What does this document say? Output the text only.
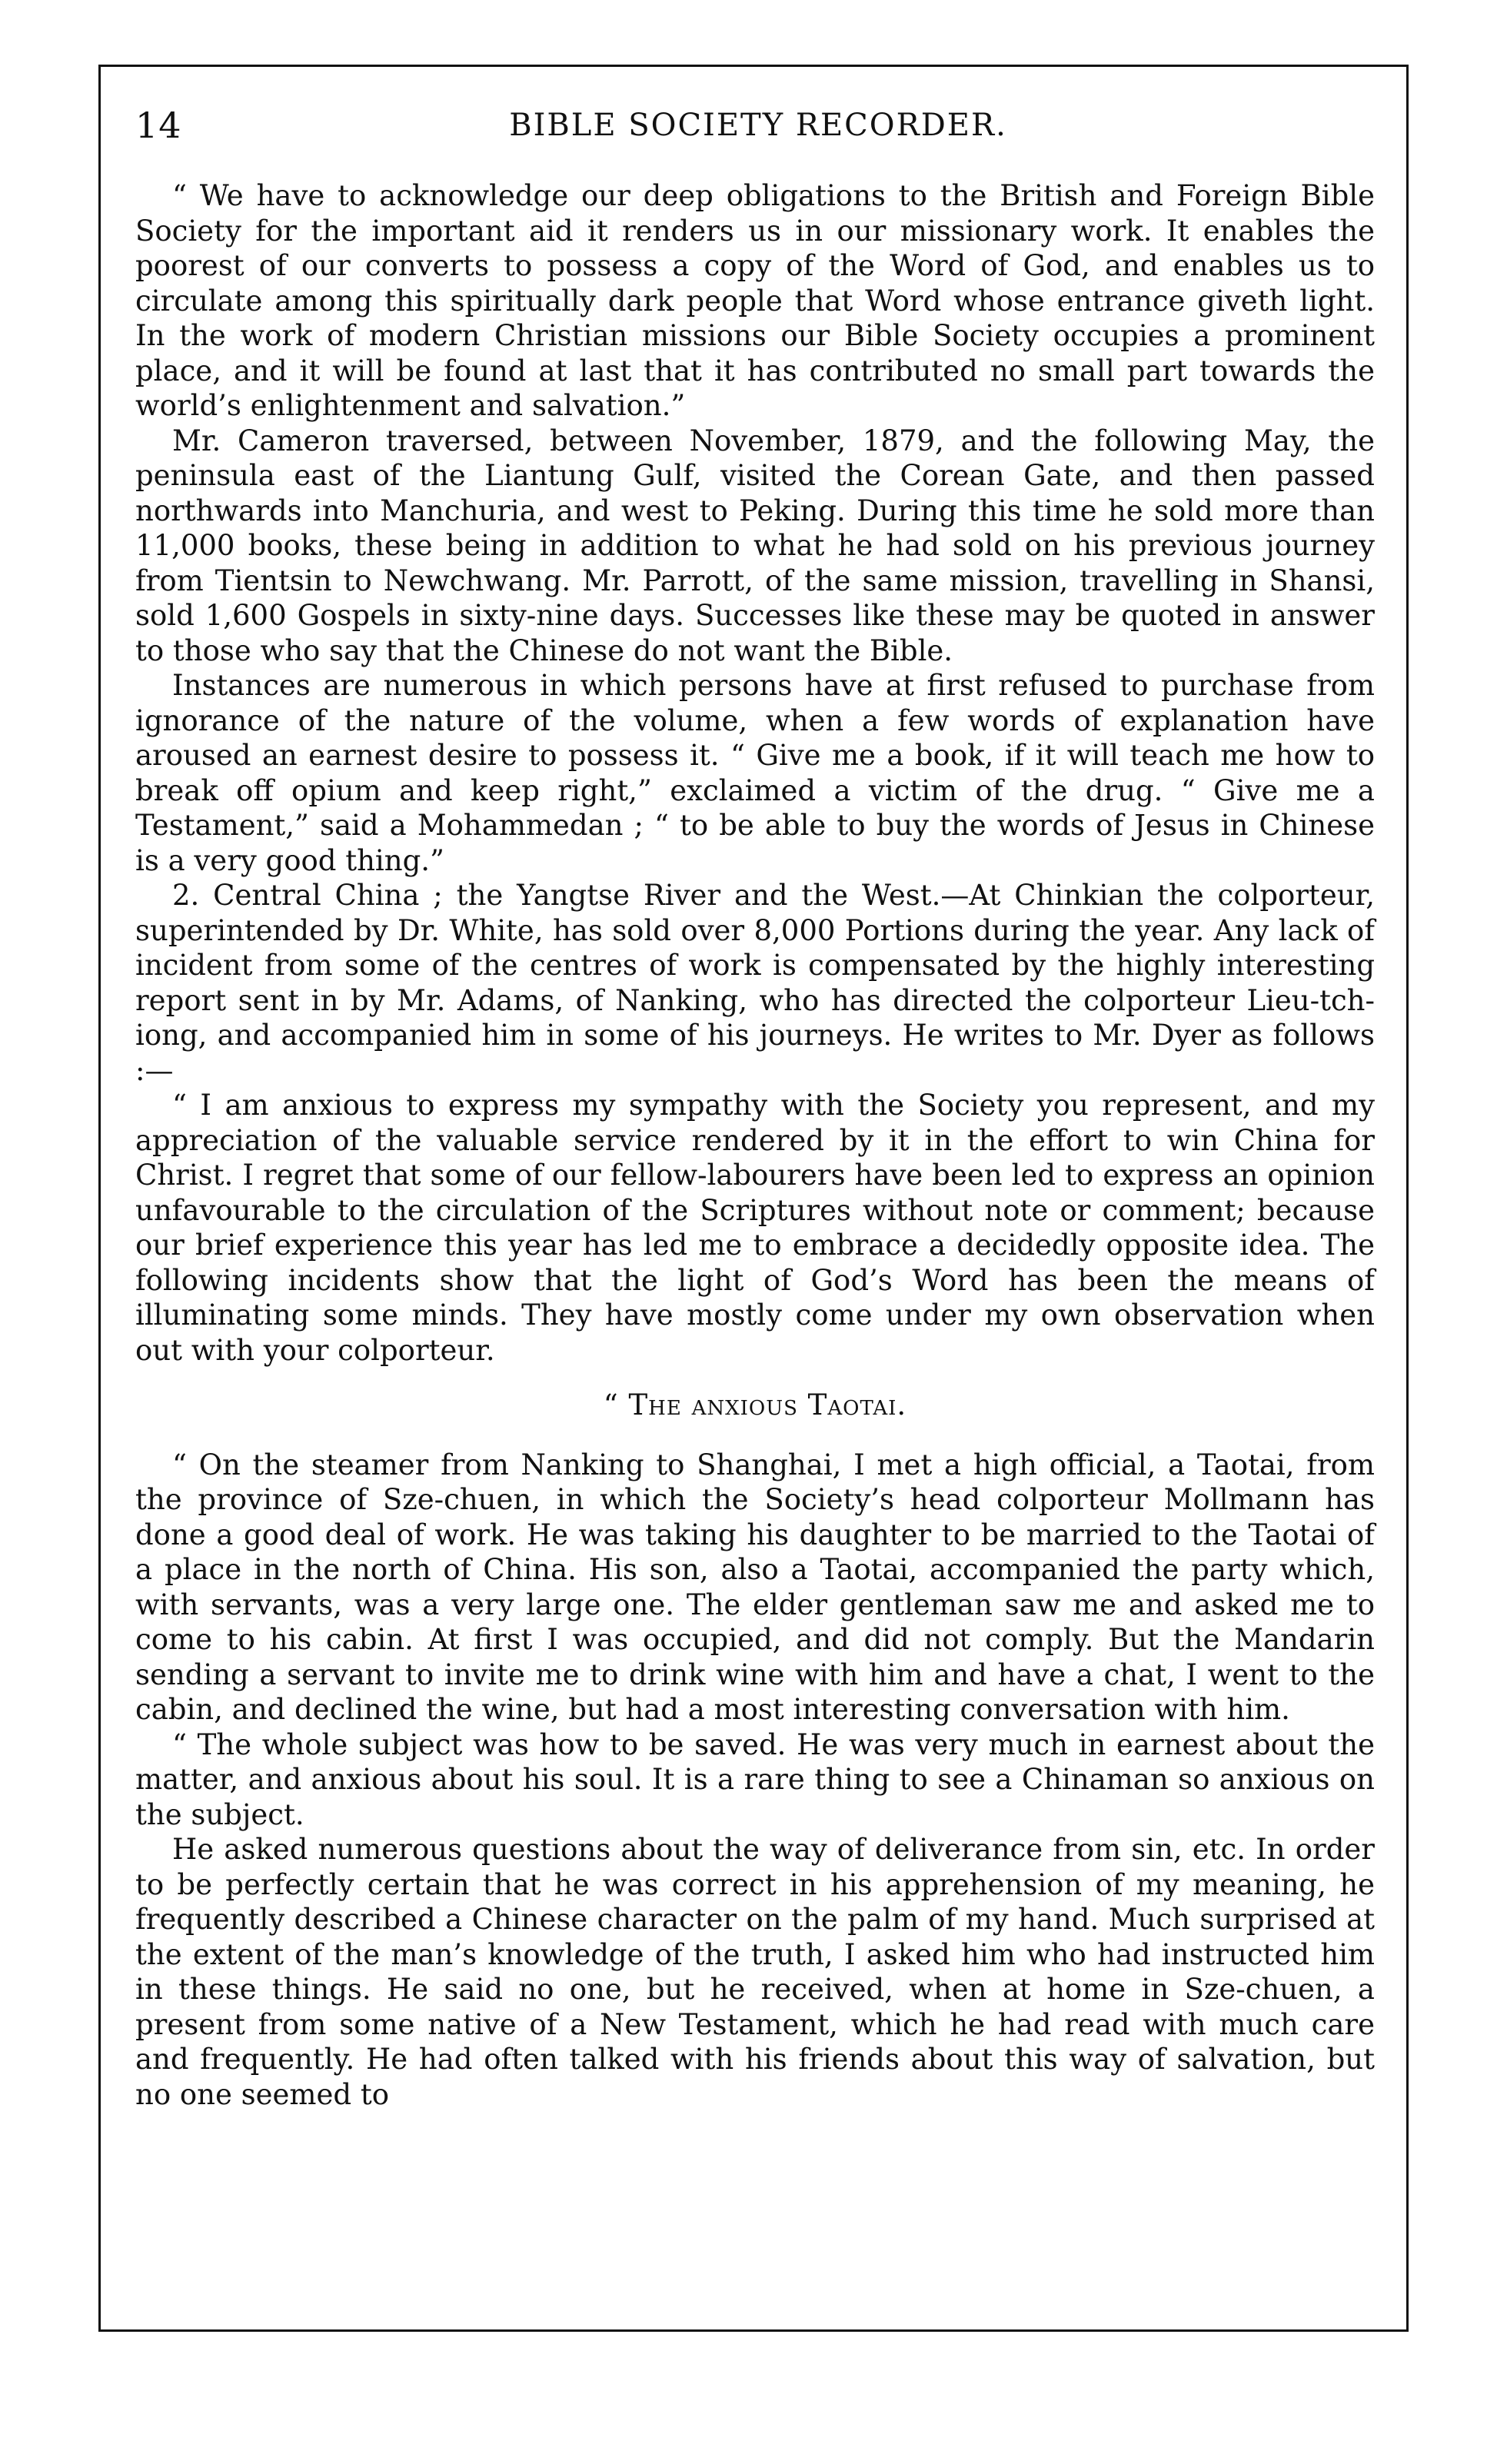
14	BIBLE SOCIETY RECORDER.

“ We have to acknowledge our deep obligations to the British and Foreign Bible Society for the important aid it renders us in our missionary work. It enables the poorest of our converts to possess a copy of the Word of God, and enables us to circulate among this spiritually dark people that Word whose entrance giveth light. In the work of modern Christian missions our Bible Society occupies a prominent place, and it will be found at last that it has contributed no small part towards the world’s enlightenment and salvation.”

Mr. Cameron traversed, between November, 1879, and the following May, the peninsula east of the Liantung Gulf, visited the Corean Gate, and then passed northwards into Manchuria, and west to Peking. During this time he sold more than 11,000 books, these being in addition to what he had sold on his previous journey from Tientsin to Newchwang. Mr. Parrott, of the same mission, travelling in Shansi, sold 1,600 Gospels in sixty-nine days. Successes like these may be quoted in answer to those who say that the Chinese do not want the Bible.

Instances are numerous in which persons have at first refused to purchase from ignorance of the nature of the volume, when a few words of explanation have aroused an earnest desire to possess it. “ Give me a book, if it will teach me how to break off opium and keep right,” exclaimed a victim of the drug. “ Give me a Testament,” said a Mohammedan ; “ to be able to buy the words of Jesus in Chinese is a very good thing.”

2. Central China ; the Yangtse River and the West.—At Chinkian the colporteur, superintended by Dr. White, has sold over 8,000 Portions during the year. Any lack of incident from some of the centres of work is compensated by the highly interesting report sent in by Mr. Adams, of Nanking, who has directed the colporteur Lieu-tch-iong, and accompanied him in some of his journeys. He writes to Mr. Dyer as follows :—

“ I am anxious to express my sympathy with the Society you represent, and my appreciation of the valuable service rendered by it in the effort to win China for Christ. I regret that some of our fellow-labourers have been led to express an opinion unfavourable to the circulation of the Scriptures without note or comment; because our brief experience this year has led me to embrace a decidedly opposite idea. The following incidents show that the light of God’s Word has been the means of illuminating some minds. They have mostly come under my own observation when out with your colporteur.

“ The anxious Taotai.

“ On the steamer from Nanking to Shanghai, I met a high official, a Taotai, from the province of Sze-chuen, in which the Society’s head colporteur Mollmann has done a good deal of work. He was taking his daughter to be married to the Taotai of a place in the north of China. His son, also a Taotai, accompanied the party which, with servants, was a very large one. The elder gentleman saw me and asked me to come to his cabin. At first I was occupied, and did not comply. But the Mandarin sending a servant to invite me to drink wine with him and have a chat, I went to the cabin, and declined the wine, but had a most interesting conversation with him.

“ The whole subject was how to be saved. He was very much in earnest about the matter, and anxious about his soul. It is a rare thing to see a Chinaman so anxious on the subject.

He asked numerous questions about the way of deliverance from sin, etc. In order to be perfectly certain that he was correct in his apprehension of my meaning, he frequently described a Chinese character on the palm of my hand. Much surprised at the extent of the man’s knowledge of the truth, I asked him who had instructed him in these things. He said no one, but he received, when at home in Sze-chuen, a present from some native of a New Testament, which he had read with much care and frequently. He had often talked with his friends about this way of salvation, but no one seemed to
